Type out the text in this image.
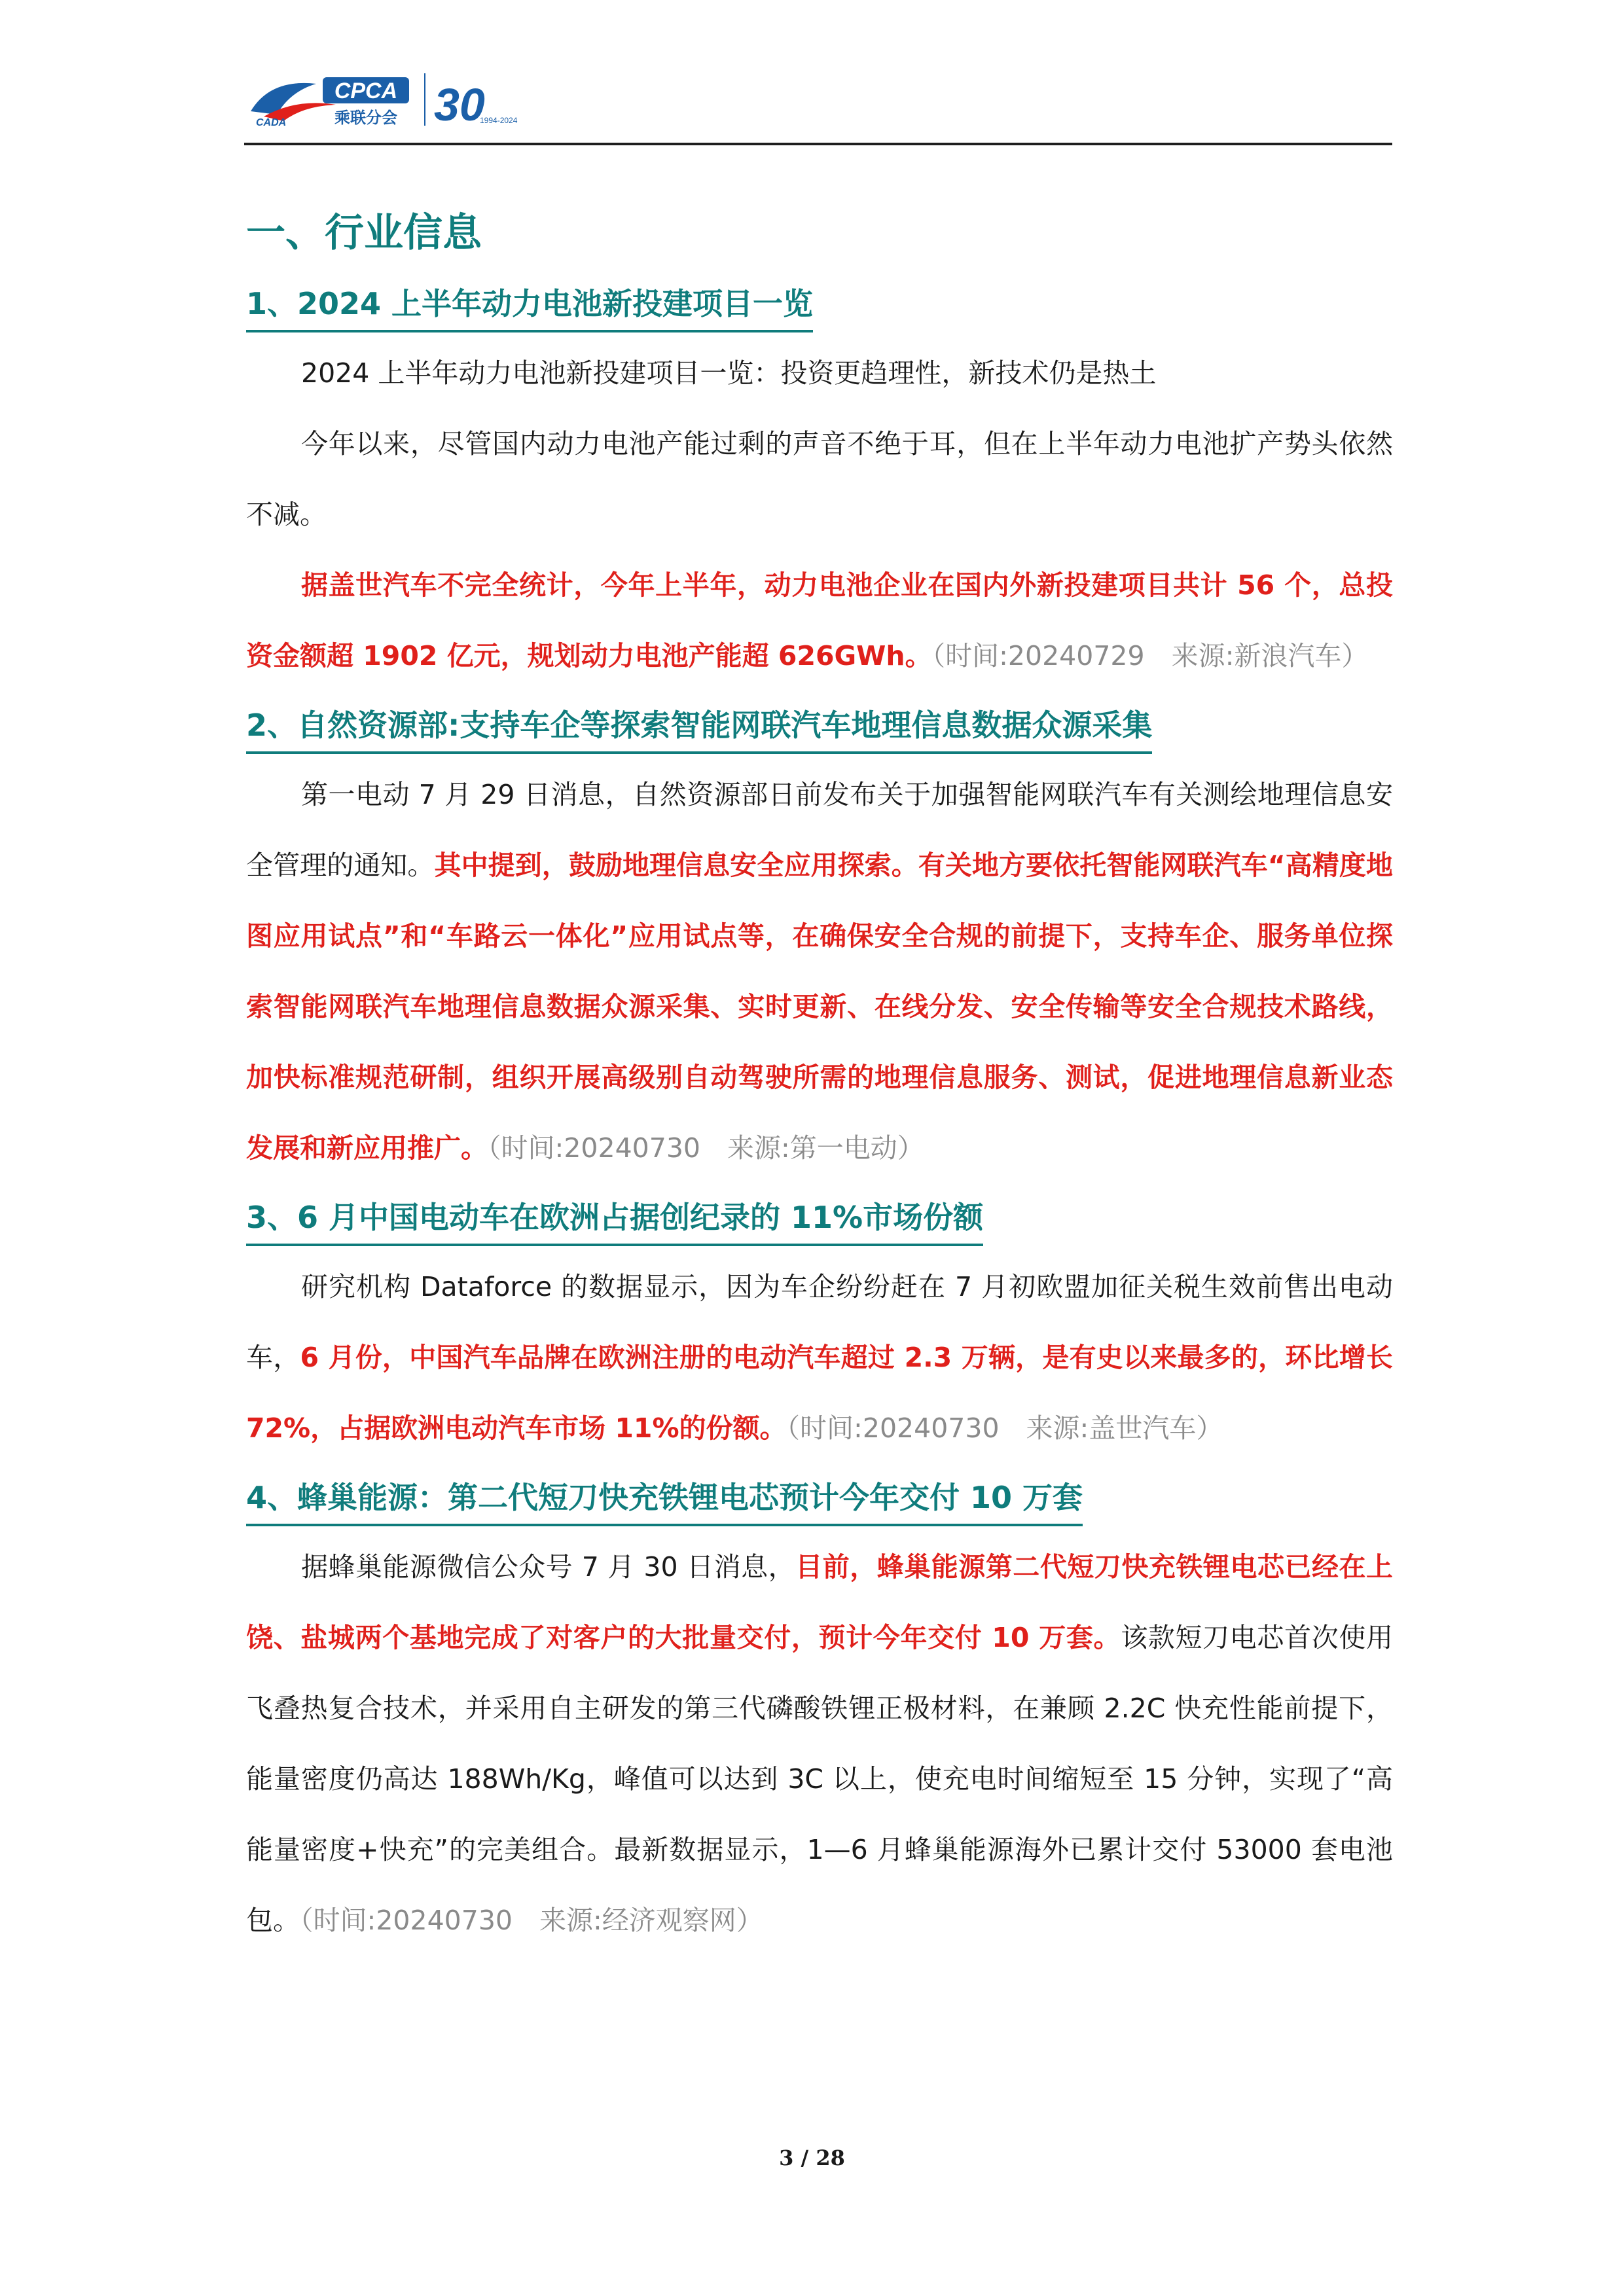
CADA
CPCA
乘联分会 30
1994-2024
一、行业信息
1、2024 上半年动力电池新投建项目一览

2024 上半年动力电池新投建项目一览：投资更趋理性，新技术仍是热土

今年以来，尽管国内动力电池产能过剩的声音不绝于耳，但在上半年动力电池扩产势头依然不减。

据盖世汽车不完全统计，今年上半年，动力电池企业在国内外新投建项目共计 56 个，总投资金额超 1902 亿元，规划动力电池产能超 626GWh。（时间:20240729　来源:新浪汽车）

2、自然资源部:支持车企等探索智能网联汽车地理信息数据众源采集

第一电动 7 月 29 日消息，自然资源部日前发布关于加强智能网联汽车有关测绘地理信息安全管理的通知。其中提到，鼓励地理信息安全应用探索。有关地方要依托智能网联汽车“高精度地图应用试点”和“车路云一体化”应用试点等，在确保安全合规的前提下，支持车企、服务单位探索智能网联汽车地理信息数据众源采集、实时更新、在线分发、安全传输等安全合规技术路线，加快标准规范研制，组织开展高级别自动驾驶所需的地理信息服务、测试，促进地理信息新业态发展和新应用推广。（时间:20240730　来源:第一电动）

3、6 月中国电动车在欧洲占据创纪录的 11%市场份额

研究机构 Dataforce 的数据显示，因为车企纷纷赶在 7 月初欧盟加征关税生效前售出电动车，6 月份，中国汽车品牌在欧洲注册的电动汽车超过 2.3 万辆，是有史以来最多的，环比增长 72%，占据欧洲电动汽车市场 11%的份额。（时间:20240730　来源:盖世汽车）

4、蜂巢能源：第二代短刀快充铁锂电芯预计今年交付 10 万套

据蜂巢能源微信公众号 7 月 30 日消息，目前，蜂巢能源第二代短刀快充铁锂电芯已经在上饶、盐城两个基地完成了对客户的大批量交付，预计今年交付 10 万套。该款短刀电芯首次使用飞叠热复合技术，并采用自主研发的第三代磷酸铁锂正极材料，在兼顾 2.2C 快充性能前提下，能量密度仍高达 188Wh/Kg，峰值可以达到 3C 以上，使充电时间缩短至 15 分钟，实现了“高能量密度+快充”的完美组合。最新数据显示，1—6 月蜂巢能源海外已累计交付 53000 套电池包。（时间:20240730　来源:经济观察网）

3 / 28
